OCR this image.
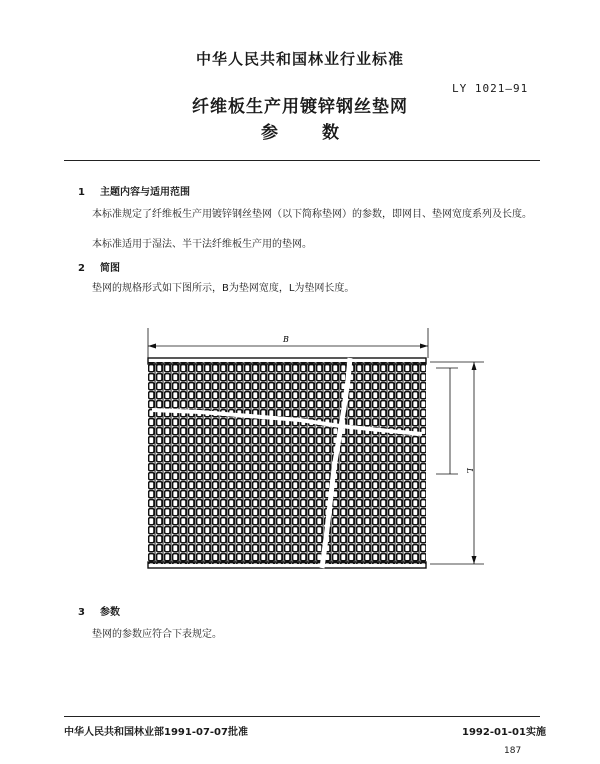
中华人民共和国林业行业标准
LY 1021—91
纤维板生产用镀锌钢丝垫网
参 数
1 主题内容与适用范围
本标准规定了纤维板生产用镀锌钢丝垫网（以下简称垫网）的参数，即网目、垫网宽度系列及长度。
本标准适用于湿法、半干法纤维板生产用的垫网。
2 简图
垫网的规格形式如下图所示，B为垫网宽度，L为垫网长度。
B
L
3 参数
垫网的参数应符合下表规定。
中华人民共和国林业部1991-07-07批准	1992-01-01实施
187
